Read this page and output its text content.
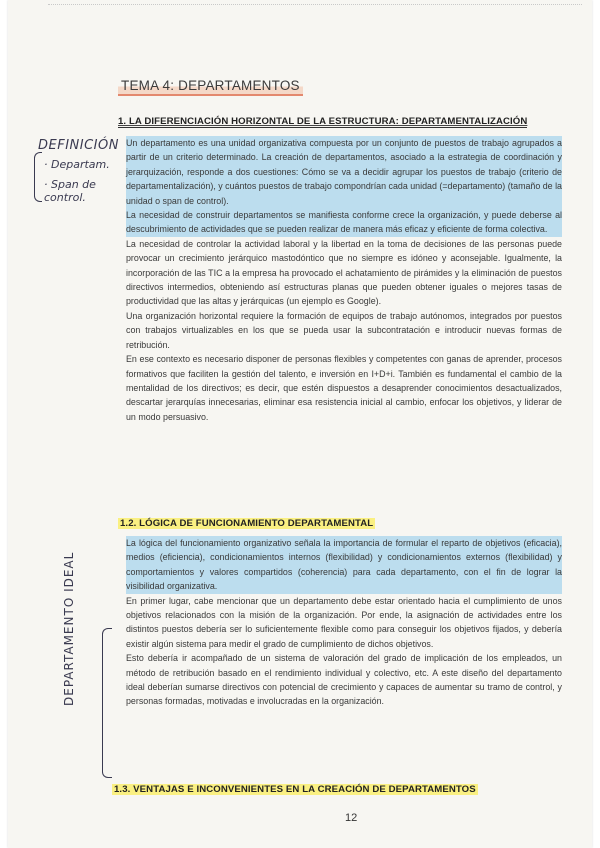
TEMA 4: DEPARTAMENTOS
1. LA DIFERENCIACIÓN HORIZONTAL DE LA ESTRUCTURA: DEPARTAMENTALIZACIÓN
DEFINICIÓN
· Departam.
· Span de control.

Un departamento es una unidad organizativa compuesta por un conjunto de puestos de trabajo agrupados a partir de un criterio determinado. La creación de departamentos, asociado a la estrategia de coordinación y jerarquización, responde a dos cuestiones: Cómo se va a decidir agrupar los puestos de trabajo (criterio de departamentalización), y cuántos puestos de trabajo compondrían cada unidad (=departamento) (tamaño de la unidad o span de control).

La necesidad de construir departamentos se manifiesta conforme crece la organización, y puede deberse al descubrimiento de actividades que se pueden realizar de manera más eficaz y eficiente de forma colectiva.

La necesidad de controlar la actividad laboral y la libertad en la toma de decisiones de las personas puede provocar un crecimiento jerárquico mastodóntico que no siempre es idóneo y aconsejable. Igualmente, la incorporación de las TIC a la empresa ha provocado el achatamiento de pirámides y la eliminación de puestos directivos intermedios, obteniendo así estructuras planas que pueden obtener iguales o mejores tasas de productividad que las altas y jerárquicas (un ejemplo es Google).

Una organización horizontal requiere la formación de equipos de trabajo autónomos, integrados por puestos con trabajos virtualizables en los que se pueda usar la subcontratación e introducir nuevas formas de retribución.

En ese contexto es necesario disponer de personas flexibles y competentes con ganas de aprender, procesos formativos que faciliten la gestión del talento, e inversión en I+D+i. También es fundamental el cambio de la mentalidad de los directivos; es decir, que estén dispuestos a desaprender conocimientos desactualizados, descartar jerarquías innecesarias, eliminar esa resistencia inicial al cambio, enfocar los objetivos, y liderar de un modo persuasivo.

1.2. LÓGICA DE FUNCIONAMIENTO DEPARTAMENTAL

La lógica del funcionamiento organizativo señala la importancia de formular el reparto de objetivos (eficacia), medios (eficiencia), condicionamientos internos (flexibilidad) y condicionamientos externos (flexibilidad) y comportamientos y valores compartidos (coherencia) para cada departamento, con el fin de lograr la visibilidad organizativa.

En primer lugar, cabe mencionar que un departamento debe estar orientado hacia el cumplimiento de unos objetivos relacionados con la misión de la organización. Por ende, la asignación de actividades entre los distintos puestos debería ser lo suficientemente flexible como para conseguir los objetivos fijados, y debería existir algún sistema para medir el grado de cumplimiento de dichos objetivos.

Esto debería ir acompañado de un sistema de valoración del grado de implicación de los empleados, un método de retribución basado en el rendimiento individual y colectivo, etc. A este diseño del departamento ideal deberían sumarse directivos con potencial de crecimiento y capaces de aumentar su tramo de control, y personas formadas, motivadas e involucradas en la organización.

DEPARTAMENTO IDEAL
1.3. VENTAJAS E INCONVENIENTES EN LA CREACIÓN DE DEPARTAMENTOS
12
